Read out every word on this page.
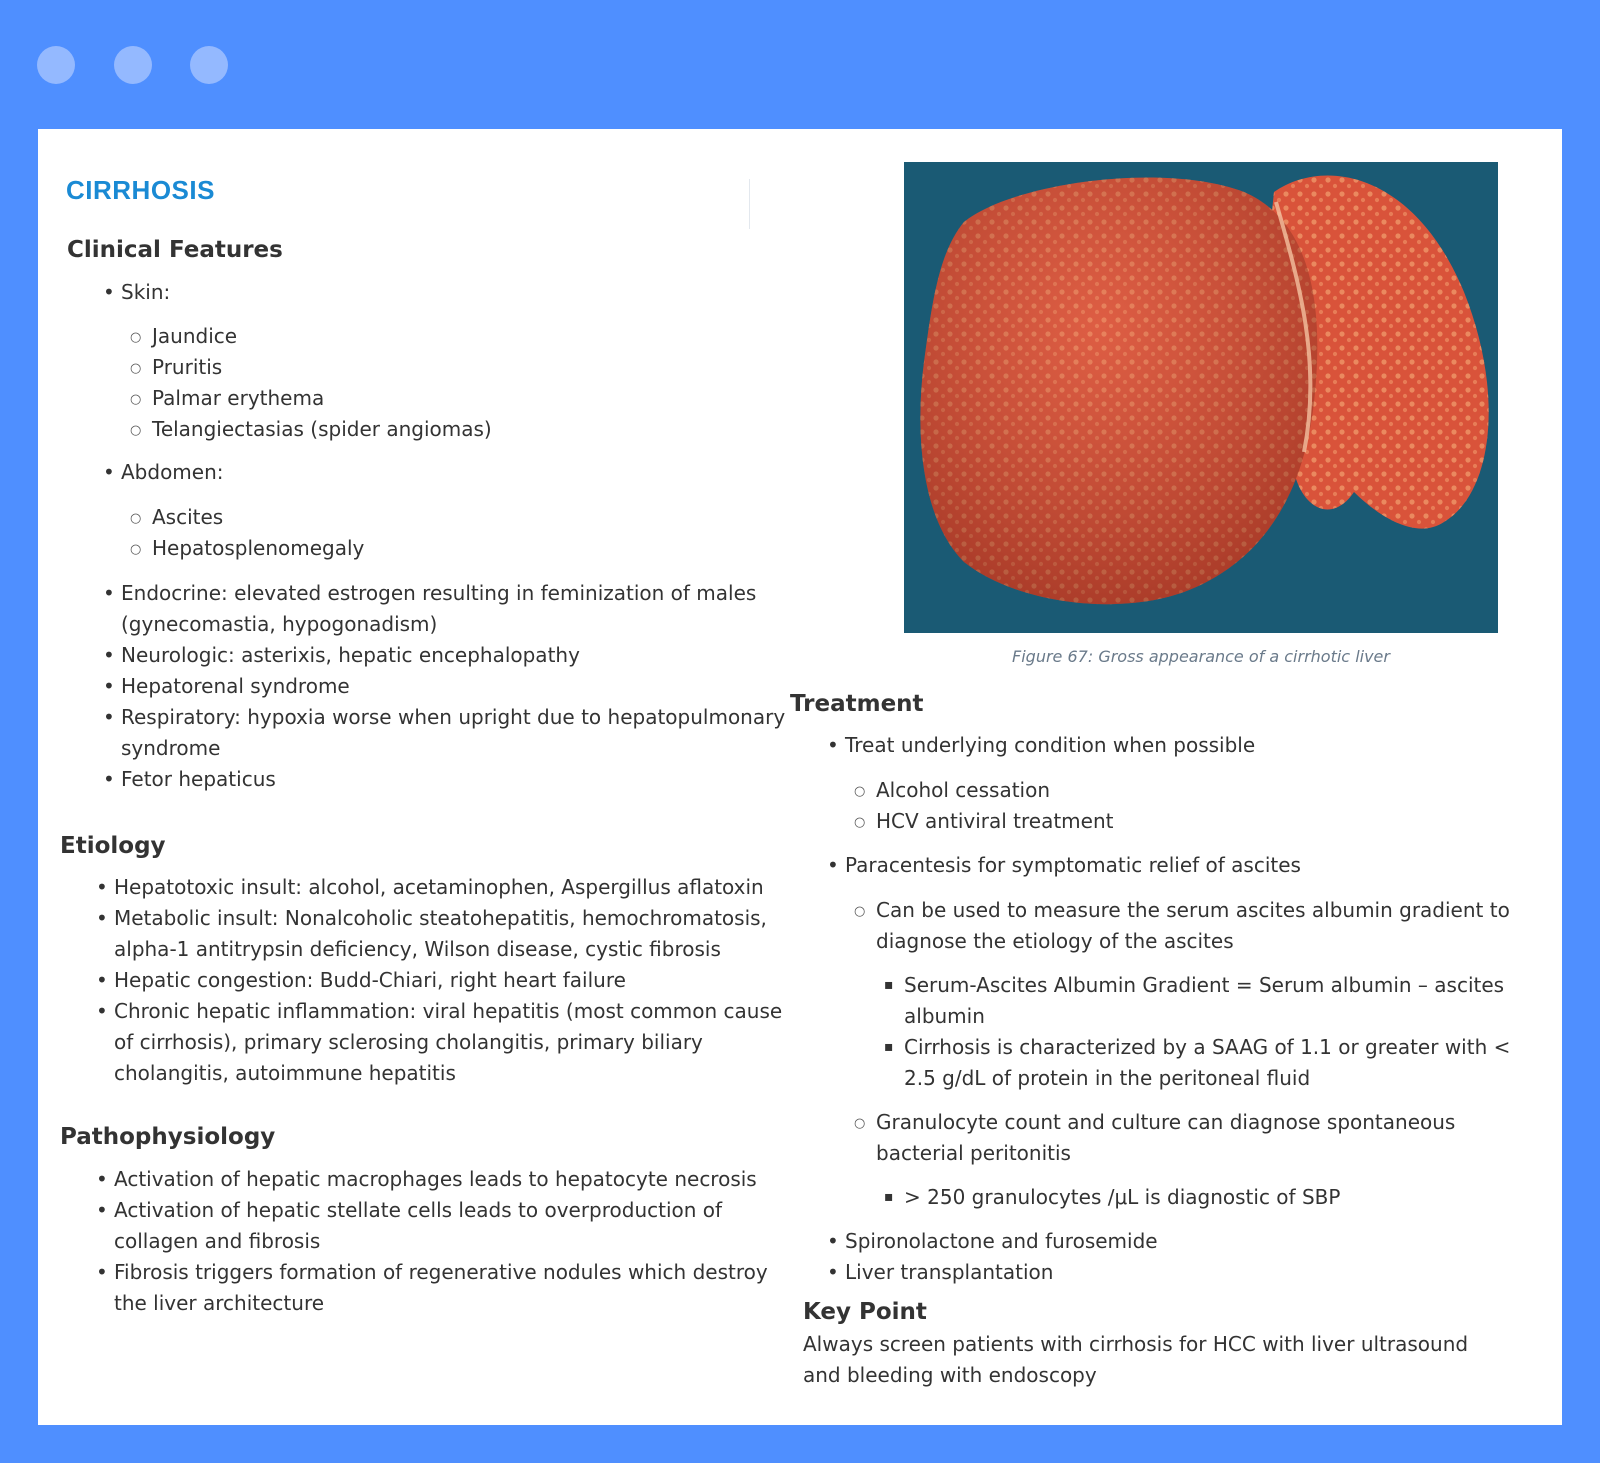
CIRRHOSIS
Clinical Features
• Skin:
○ Jaundice
○ Pruritis
○ Palmar erythema
○ Telangiectasias (spider angiomas)
• Abdomen:
○ Ascites
○ Hepatosplenomegaly
• Endocrine: elevated estrogen resulting in feminization of males (gynecomastia, hypogonadism)
• Neurologic: asterixis, hepatic encephalopathy
• Hepatorenal syndrome
• Respiratory: hypoxia worse when upright due to hepatopulmonary syndrome
• Fetor hepaticus
Etiology
• Hepatotoxic insult: alcohol, acetaminophen, Aspergillus aflatoxin
• Metabolic insult: Nonalcoholic steatohepatitis, hemochromatosis, alpha-1 antitrypsin deficiency, Wilson disease, cystic fibrosis
• Hepatic congestion: Budd-Chiari, right heart failure
• Chronic hepatic inflammation: viral hepatitis (most common cause of cirrhosis), primary sclerosing cholangitis, primary biliary cholangitis, autoimmune hepatitis
Pathophysiology
• Activation of hepatic macrophages leads to hepatocyte necrosis
• Activation of hepatic stellate cells leads to overproduction of collagen and fibrosis
• Fibrosis triggers formation of regenerative nodules which destroy the liver architecture
Figure 67: Gross appearance of a cirrhotic liver
Treatment
• Treat underlying condition when possible
○ Alcohol cessation
○ HCV antiviral treatment
• Paracentesis for symptomatic relief of ascites
○ Can be used to measure the serum ascites albumin gradient to diagnose the etiology of the ascites
▪ Serum-Ascites Albumin Gradient = Serum albumin – ascites albumin
▪ Cirrhosis is characterized by a SAAG of 1.1 or greater with < 2.5 g/dL of protein in the peritoneal fluid
○ Granulocyte count and culture can diagnose spontaneous bacterial peritonitis
▪ > 250 granulocytes /μL is diagnostic of SBP
• Spironolactone and furosemide
• Liver transplantation
Key Point
Always screen patients with cirrhosis for HCC with liver ultrasound and bleeding with endoscopy
